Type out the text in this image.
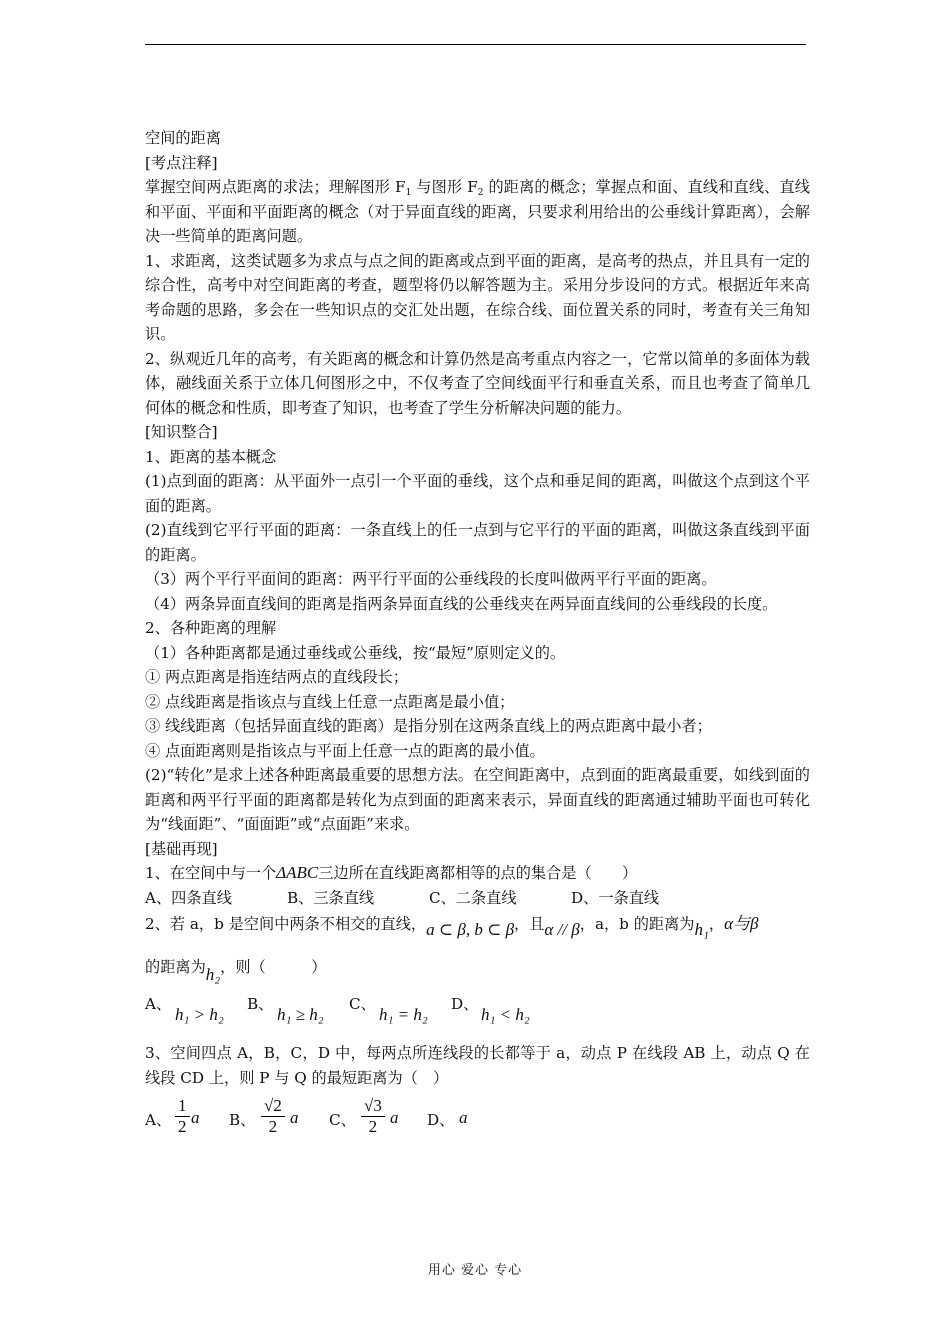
空间的距离

[考点注释]

掌握空间两点距离的求法；理解图形 $F_1$ 与图形 $F_2$ 的距离的概念；掌握点和面、直线和直线、直线和平面、平面和平面距离的概念（对于异面直线的距离，只要求利用给出的公垂线计算距离），会解决一些简单的距离问题。

1、求距离，这类试题多为求点与点之间的距离或点到平面的距离，是高考的热点，并且具有一定的综合性，高考中对空间距离的考查，题型将仍以解答题为主。采用分步设问的方式。根据近年来高考命题的思路，多会在一些知识点的交汇处出题，在综合线、面位置关系的同时，考查有关三角知识。

2、纵观近几年的高考，有关距离的概念和计算仍然是高考重点内容之一，它常以简单的多面体为载体，融线面关系于立体几何图形之中，不仅考查了空间线面平行和垂直关系，而且也考查了简单几何体的概念和性质，即考查了知识，也考查了学生分析解决问题的能力。

[知识整合]

1、距离的基本概念

(1)点到面的距离：从平面外一点引一个平面的垂线，这个点和垂足间的距离，叫做这个点到这个平面的距离。

(2)直线到它平行平面的距离：一条直线上的任一点到与它平行的平面的距离，叫做这条直线到平面的距离。

（3）两个平行平面间的距离：两平行平面的公垂线段的长度叫做两平行平面的距离。

（4）两条异面直线间的距离是指两条异面直线的公垂线夹在两异面直线间的公垂线段的长度。

2、各种距离的理解

（1）各种距离都是通过垂线或公垂线，按“最短”原则定义的。

① 两点距离是指连结两点的直线段长；

② 点线距离是指该点与直线上任意一点距离是最小值；

③ 线线距离（包括异面直线的距离）是指分别在这两条直线上的两点距离中最小者；

④ 点面距离则是指该点与平面上任意一点的距离的最小值。

(2)“转化”是求上述各种距离最重要的思想方法。在空间距离中，点到面的距离最重要，如线到面的距离和两平行平面的距离都是转化为点到面的距离来表示，异面直线的距离通过辅助平面也可转化为“线面距”、“面面距”或“点面距”来求。

[基础再现]

1、在空间中与一个ΔABC三边所在直线距离都相等的点的集合是（　　）

A、四条直线	B、三条直线	C、二条直线	D、一条直线

2、若 a，b 是空间中两条不相交的直线，a ⊂ β, b ⊂ β，且α // β，a，b 的距离为h₁，α与β

的距离为h₂，则（　　　）

A、
h₁ > h₂
B、
h₁ ≥ h₂
C、
h₁ = h₂
D、
h₁ < h₂

3、空间四点 A，B，C，D 中，每两点所连线段的长都等于 a，动点 P 在线段 AB 上，动点 Q 在线段 CD 上，则 P 与 Q 的最短距离为（　）

A、 $\frac{1}{2}$ a B、 $\frac{√2}{2}$ a C、 $\frac{√3}{2}$ a D、 a
用心 爱心 专心
